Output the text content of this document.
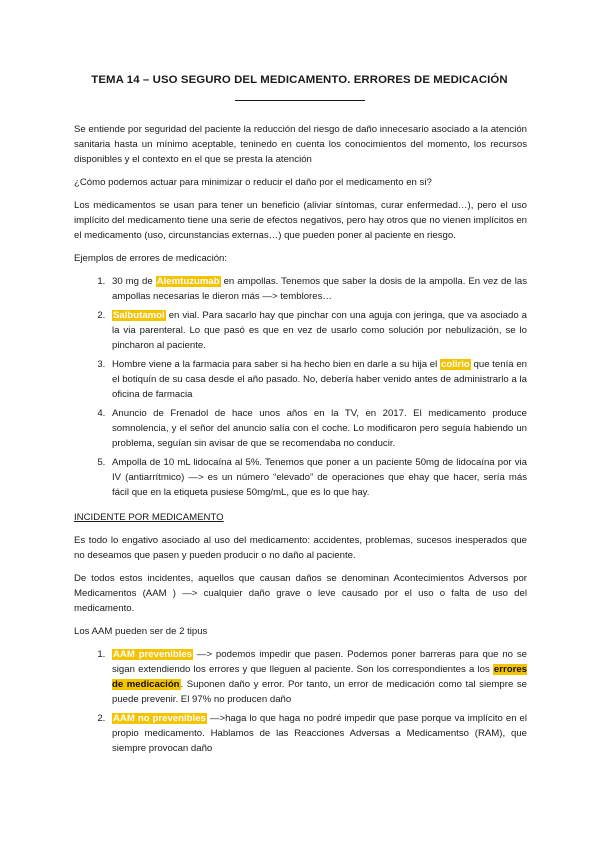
TEMA 14 – USO SEGURO DEL MEDICAMENTO. ERRORES DE MEDICACIÓN

Se entiende por seguridad del paciente la reducción del riesgo de daño innecesario asociado a la atención sanitaria hasta un mínimo aceptable, teninedo en cuenta los conocimientos del momento, los recursos disponibles y el contexto en el que se presta la atención

¿Cómo podemos actuar para minimizar o reducir el daño por el medicamento en si?

Los medicamentos se usan para tener un beneficio (aliviar síntomas, curar enfermedad…), pero el uso implícito del medicamento tiene una serie de efectos negativos, pero hay otros que no vienen implícitos en el medicamento (uso, circunstancias externas…) que pueden poner al paciente en riesgo.

Ejemplos de errores de medicación:

1. 30 mg de Alemtuzumab en ampollas. Tenemos que saber la dosis de la ampolla. En vez de las ampollas necesarias le dieron más —> temblores…
2. Salbutamol en vial. Para sacarlo hay que pinchar con una aguja con jeringa, que va asociado a la via parenteral. Lo que pasó es que en vez de usarlo como solución por nebulización, se lo pincharon al paciente.
3. Hombre viene a la farmacia para saber si ha hecho bien en darle a su hija el colirio que tenía en el botiquín de su casa desde el año pasado. No, debería haber venido antes de administrarlo a la oficina de farmacia
4. Anuncio de Frenadol de hace unos años en la TV, en 2017. El medicamento produce somnolencia, y el señor del anuncio salía con el coche. Lo modificaron pero seguía habiendo un problema, seguían sin avisar de que se recomendaba no conducir.
5. Ampolla de 10 mL lidocaína al 5%. Tenemos que poner a un paciente 50mg de lidocaína por via IV (antiarrítmico) —> es un número “elevado” de operaciones que ehay que hacer, sería más fácil que en la etiqueta pusiese 50mg/mL, que es lo que hay.

INCIDENTE POR MEDICAMENTO

Es todo lo engativo asociado al uso del medicamento: accidentes, problemas, sucesos inesperados que no deseamos que pasen y pueden producir o no daño al paciente.

De todos estos incidentes, aquellos que causan daños se denominan Acontecimientos Adversos por Medicamentos (AAM ) —> cualquier daño grave o leve causado por el uso o falta de uso del medicamento.

Los AAM pueden ser de 2 tipus

1. AAM prevenibles —> podemos impedir que pasen. Podemos poner barreras para que no se sigan extendiendo los errores y que lleguen al paciente. Son los correspondientes a los errores de medicación. Suponen daño y error. Por tanto, un error de medicación como tal siempre se puede prevenir. El 97% no producen daño
2. AAM no prevenibles —>haga lo que haga no podré impedir que pase porque va implícito en el propio medicamento. Hablamos de las Reacciones Adversas a Medicamentso (RAM), que siempre provocan daño
